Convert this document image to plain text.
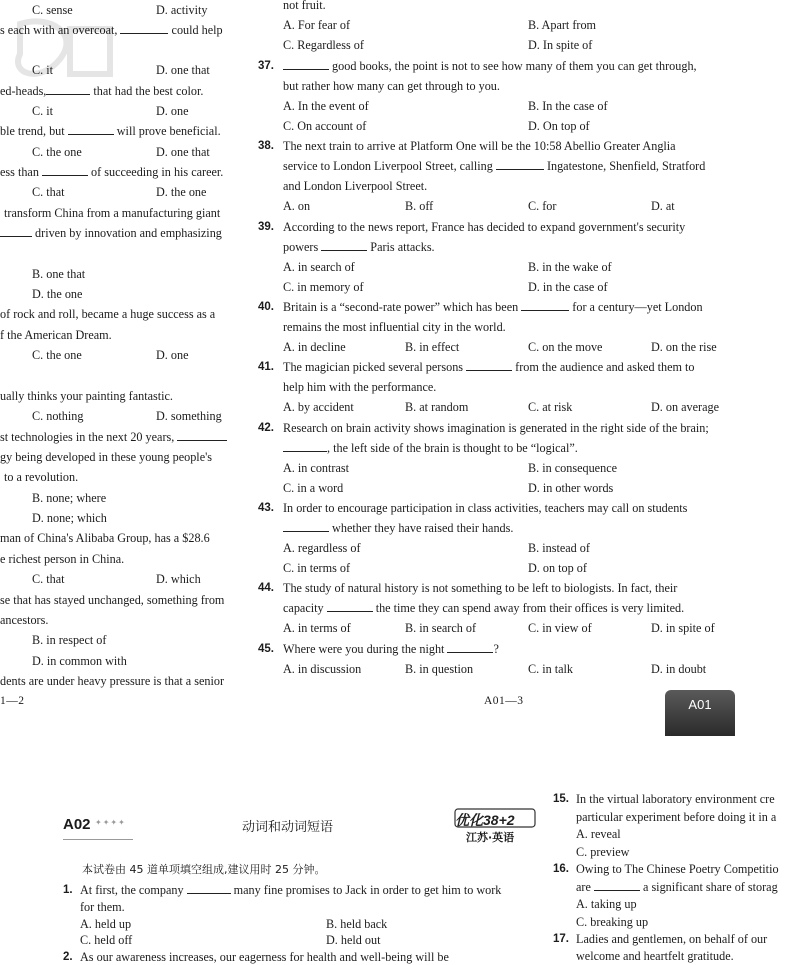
C. sense	D. activity
s each with an overcoat,	could help
C. it	D. one that
ed-heads,	that had the best color.
C. it	D. one
ble trend, but	will prove beneficial.
C. the one	D. one that
ess than	of succeeding in his career.
C. that	D. the one
transform China from a manufacturing giant
driven by innovation and emphasizing
B. one that
D. the one
of rock and roll, became a huge success as a
f the American Dream.
C. the one	D. one
ually thinks your painting fantastic.
C. nothing	D. something
st technologies in the next 20 years,
gy being developed in these young people's
to a revolution.
B. none; where
D. none; which
man of China's Alibaba Group, has a $28.6
e richest person in China.
C. that	D. which
se that has stayed unchanged, something from
ancestors.
B. in respect of
D. in common with
dents are under heavy pressure is that a senior
1—2
not fruit.
A. For fear of	B. Apart from
C. Regardless of	D. In spite of
37.	good books, the point is not to see how many of them you can get through,
but rather how many can get through to you.
A. In the event of	B. In the case of
C. On account of	D. On top of
38. The next train to arrive at Platform One will be the 10:58 Abellio Greater Anglia
service to London Liverpool Street, calling	Ingatestone, Shenfield, Stratford
and London Liverpool Street.
A. on	B. off	C. for	D. at
39. According to the news report, France has decided to expand government's security
powers	Paris attacks.
A. in search of	B. in the wake of
C. in memory of	D. in the case of
40. Britain is a “second-rate power” which has been	for a century—yet London
remains the most influential city in the world.
A. in decline	B. in effect	C. on the move	D. on the rise
41. The magician picked several persons	from the audience and asked them to
help him with the performance.
A. by accident	B. at random	C. at risk	D. on average
42. Research on brain activity shows imagination is generated in the right side of the brain;
, the left side of the brain is thought to be “logical”.
A. in contrast	B. in consequence
C. in a word	D. in other words
43. In order to encourage participation in class activities, teachers may call on students
whether they have raised their hands.
A. regardless of	B. instead of
C. in terms of	D. on top of
44. The study of natural history is not something to be left to biologists. In fact, their
capacity	the time they can spend away from their offices is very limited.
A. in terms of	B. in search of	C. in view of	D. in spite of
45. Where were you during the night	?
A. in discussion	B. in question	C. in talk	D. in doubt
A01—3	A01
A02 ✦✦✦✦	动词和动词短语	优化38+2
江苏·英语
本试卷由 45 道单项填空组成,建议用时 25 分钟。
1. At first, the company	many fine promises to Jack in order to get him to work
for them.
A. held up	B. held back
C. held off	D. held out
2. As our awareness increases, our eagerness for health and well-being will be
15. In the virtual laboratory environment cre
particular experiment before doing it in a
A. reveal
C. preview
16. Owing to The Chinese Poetry Competitio
are	a significant share of storag
A. taking up
C. breaking up
17. Ladies and gentlemen, on behalf of our
welcome and heartfelt gratitude.
